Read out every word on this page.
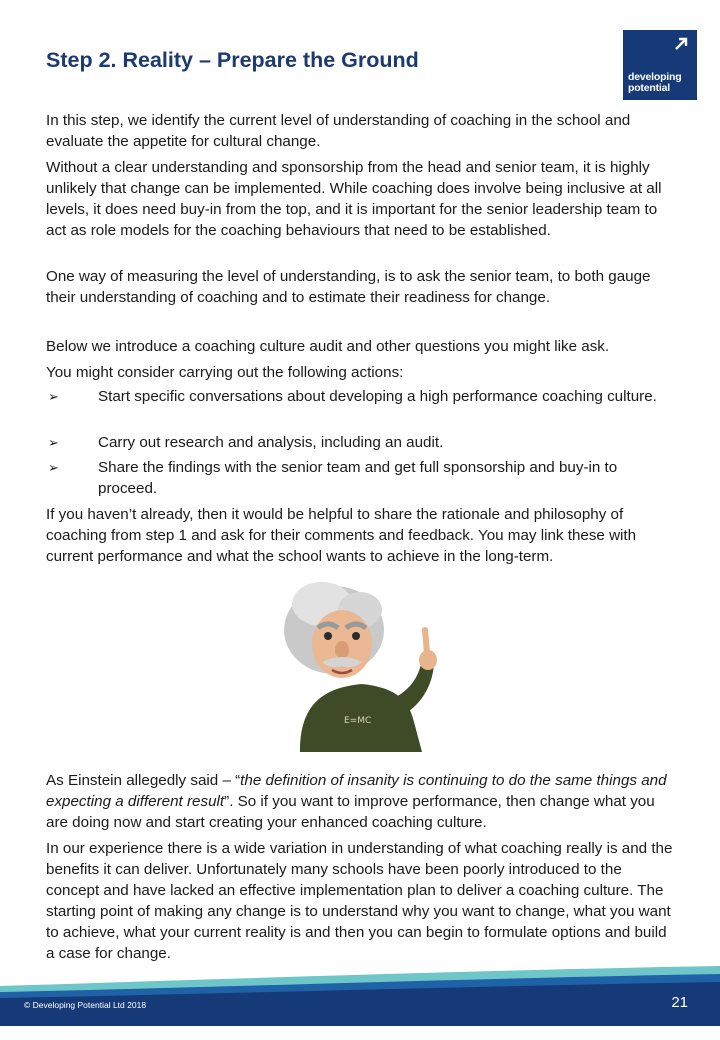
Step 2. Reality – Prepare the Ground
developing
potential

In this step, we identify the current level of understanding of coaching in the school and evaluate the appetite for cultural change.

Without a clear understanding and sponsorship from the head and senior team, it is highly unlikely that change can be implemented. While coaching does involve being inclusive at all levels, it does need buy-in from the top, and it is important for the senior leadership team to act as role models for the coaching behaviours that need to be established.

One way of measuring the level of understanding, is to ask the senior team, to both gauge their understanding of coaching and to estimate their readiness for change.

Below we introduce a coaching culture audit and other questions you might like ask.

You might consider carrying out the following actions:

➢	Start specific conversations about developing a high performance coaching culture.
➢	Carry out research and analysis, including an audit.
➢	Share the findings with the senior team and get full sponsorship and buy-in to proceed.

If you haven’t already, then it would be helpful to share the rationale and philosophy of coaching from step 1 and ask for their comments and feedback. You may link these with current performance and what the school wants to achieve in the long-term.

E=MC

As Einstein allegedly said – “the definition of insanity is continuing to do the same things and expecting a different result”. So if you want to improve performance, then change what you are doing now and start creating your enhanced coaching culture.

In our experience there is a wide variation in understanding of what coaching really is and the benefits it can deliver. Unfortunately many schools have been poorly introduced to the concept and have lacked an effective implementation plan to deliver a coaching culture. The starting point of making any change is to understand why you want to change, what you want to achieve, what your current reality is and then you can begin to formulate options and build a case for change.

© Developing Potential Ltd 2018	21
